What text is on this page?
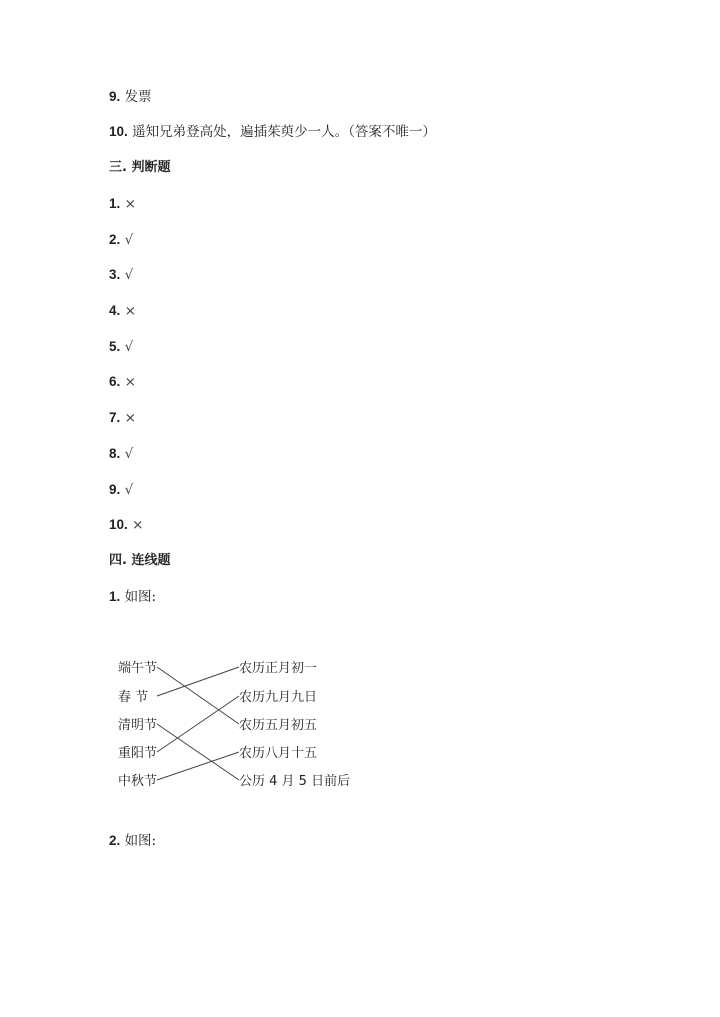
9. 发票
10. 遥知兄弟登高处，遍插茱萸少一人。（答案不唯一）
三. 判断题
1. ×
2. √
3. √
4. ×
5. √
6. ×
7. ×
8. √
9. √
10. ×
四. 连线题
1. 如图:
端午节
春 节
清明节
重阳节
中秋节
农历正月初一
农历九月九日
农历五月初五
农历八月十五
公历 4 月 5 日前后
2. 如图:
